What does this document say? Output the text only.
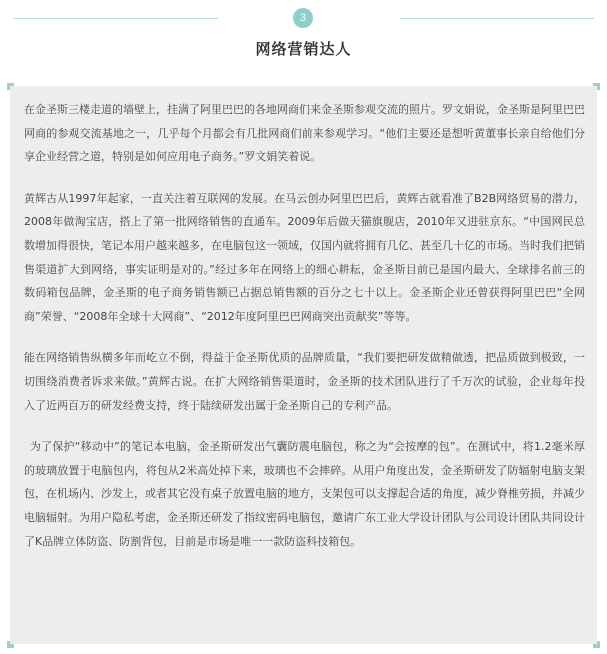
3
网络营销达人

在金圣斯三楼走道的墙壁上，挂满了阿里巴巴的各地网商们来金圣斯参观交流的照片。罗文娟说，金圣斯是阿里巴巴网商的参观交流基地之一，几乎每个月都会有几批网商们前来参观学习。“他们主要还是想听黄董事长亲自给他们分享企业经营之道，特别是如何应用电子商务。”罗文娟笑着说。

黄辉古从1997年起家，一直关注着互联网的发展。在马云创办阿里巴巴后，黄辉古就看准了B2B网络贸易的潜力，2008年做淘宝店，搭上了第一批网络销售的直通车。2009年后做天猫旗舰店，2010年又进驻京东。“中国网民总数增加得很快，笔记本用户越来越多，在电脑包这一领域，仅国内就将拥有几亿、甚至几十亿的市场。当时我们把销售渠道扩大到网络，事实证明是对的。”经过多年在网络上的细心耕耘，金圣斯目前已是国内最大、全球排名前三的数码箱包品牌，金圣斯的电子商务销售额已占据总销售额的百分之七十以上。金圣斯企业还曾获得阿里巴巴“全网商”荣誉、“2008年全球十大网商”、“2012年度阿里巴巴网商突出贡献奖”等等。

能在网络销售纵横多年而屹立不倒，得益于金圣斯优质的品牌质量，“我们要把研发做精做透，把品质做到极致，一切围绕消费者诉求来做。”黄辉古说。在扩大网络销售渠道时，金圣斯的技术团队进行了千万次的试验，企业每年投入了近两百万的研发经费支持，终于陆续研发出属于金圣斯自己的专利产品。

为了保护“移动中”的笔记本电脑，金圣斯研发出气囊防震电脑包，称之为“会按摩的包”。在测试中，将1.2毫米厚的玻璃放置于电脑包内，将包从2米高处掉下来，玻璃也不会摔碎。从用户角度出发，金圣斯研发了防辐射电脑支架包，在机场内、沙发上，或者其它没有桌子放置电脑的地方，支架包可以支撑起合适的角度，减少脊椎劳损，并减少电脑辐射。为用户隐私考虑，金圣斯还研发了指纹密码电脑包，邀请广东工业大学设计团队与公司设计团队共同设计了K品牌立体防盗、防割背包，目前是市场是唯一一款防盗科技箱包。
